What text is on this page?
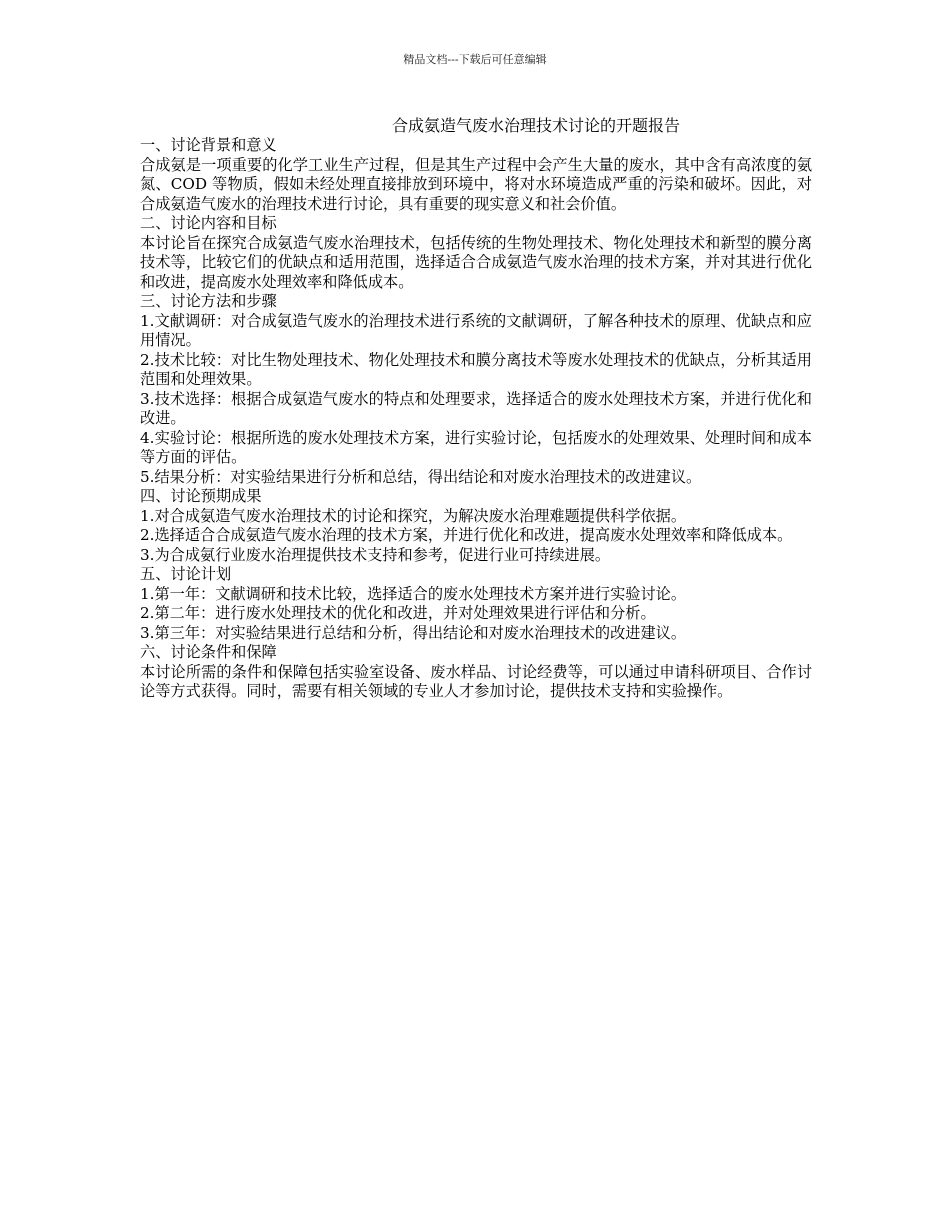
精品文档---下载后可任意编辑
合成氨造气废水治理技术讨论的开题报告
一、讨论背景和意义
合成氨是一项重要的化学工业生产过程，但是其生产过程中会产生大量的废水，其中含有高浓度的氨氮、COD 等物质，假如未经处理直接排放到环境中，将对水环境造成严重的污染和破坏。因此，对合成氨造气废水的治理技术进行讨论，具有重要的现实意义和社会价值。
二、讨论内容和目标
本讨论旨在探究合成氨造气废水治理技术，包括传统的生物处理技术、物化处理技术和新型的膜分离技术等，比较它们的优缺点和适用范围，选择适合合成氨造气废水治理的技术方案，并对其进行优化和改进，提高废水处理效率和降低成本。
三、讨论方法和步骤
1.文献调研：对合成氨造气废水的治理技术进行系统的文献调研，了解各种技术的原理、优缺点和应用情况。
2.技术比较：对比生物处理技术、物化处理技术和膜分离技术等废水处理技术的优缺点，分析其适用范围和处理效果。
3.技术选择：根据合成氨造气废水的特点和处理要求，选择适合的废水处理技术方案，并进行优化和改进。
4.实验讨论：根据所选的废水处理技术方案，进行实验讨论，包括废水的处理效果、处理时间和成本等方面的评估。
5.结果分析：对实验结果进行分析和总结，得出结论和对废水治理技术的改进建议。
四、讨论预期成果
1.对合成氨造气废水治理技术的讨论和探究，为解决废水治理难题提供科学依据。
2.选择适合合成氨造气废水治理的技术方案，并进行优化和改进，提高废水处理效率和降低成本。
3.为合成氨行业废水治理提供技术支持和参考，促进行业可持续进展。
五、讨论计划
1.第一年：文献调研和技术比较，选择适合的废水处理技术方案并进行实验讨论。
2.第二年：进行废水处理技术的优化和改进，并对处理效果进行评估和分析。
3.第三年：对实验结果进行总结和分析，得出结论和对废水治理技术的改进建议。
六、讨论条件和保障
本讨论所需的条件和保障包括实验室设备、废水样品、讨论经费等，可以通过申请科研项目、合作讨论等方式获得。同时，需要有相关领域的专业人才参加讨论，提供技术支持和实验操作。
